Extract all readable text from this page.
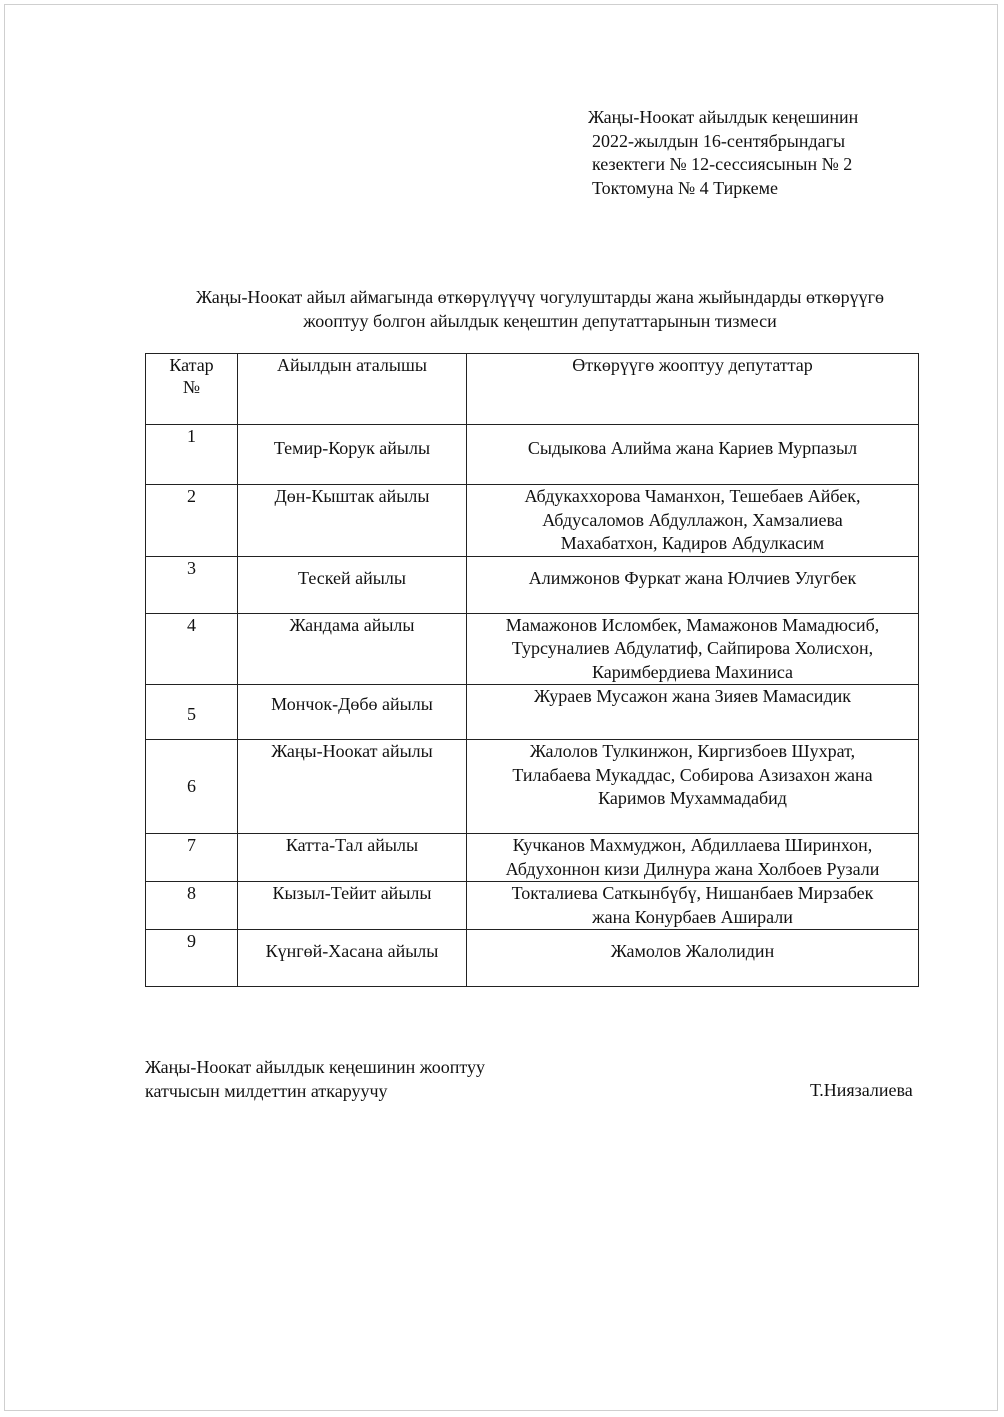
Жаңы-Ноокат айылдык кеңешинин
2022-жылдын 16-сентябрындагы
кезектеги № 12-сессиясынын № 2
Токтомуна № 4 Тиркеме
Жаңы-Ноокат айыл аймагында өткөрүлүүчү чогулуштарды жана жыйындарды өткөрүүгө
жооптуу болгон айылдык кеңештин депутаттарынын тизмеси
Катар
№	Айылдын аталышы	Өткөрүүгө жооптуу депутаттар
1	Темир-Корук айылы	Сыдыкова Алийма жана Кариев Мурпазыл

2	Дөн-Кыштак айылы	Абдукаххорова Чаманхон, Тешебаев Айбек,
Абдусаломов Абдуллажон, Хамзалиева
Махабатхон, Кадиров Абдулкасим

3	Тескей айылы	Алимжонов Фуркат жана Юлчиев Улугбек

4	Жандама айылы	Мамажонов Исломбек, Мамажонов Мамадюсиб,
Турсуналиев Абдулатиф, Сайпирова Холисхон,
Каримбердиева Махиниса

5	Мончок-Дөбө айылы	Жураев Мусажон жана Зияев Мамасидик

6	Жаңы-Ноокат айылы	Жалолов Тулкинжон, Киргизбоев Шухрат,
Тилабаева Мукаддас, Собирова Азизахон жана
Каримов Мухаммадабид

7	Катта-Тал айылы	Кучканов Махмуджон, Абдиллаева Ширинхон,
Абдухоннон кизи Дилнура жана Холбоев Рузали

8	Кызыл-Тейит айылы	Токталиева Саткынбүбү, Нишанбаев Мирзабек
жана Конурбаев Аширали

9	Күнгөй-Хасана айылы	Жамолов Жалолидин
Жаңы-Ноокат айылдык кеңешинин жооптуу
катчысын милдеттин аткаруучу	Т.Ниязалиева
